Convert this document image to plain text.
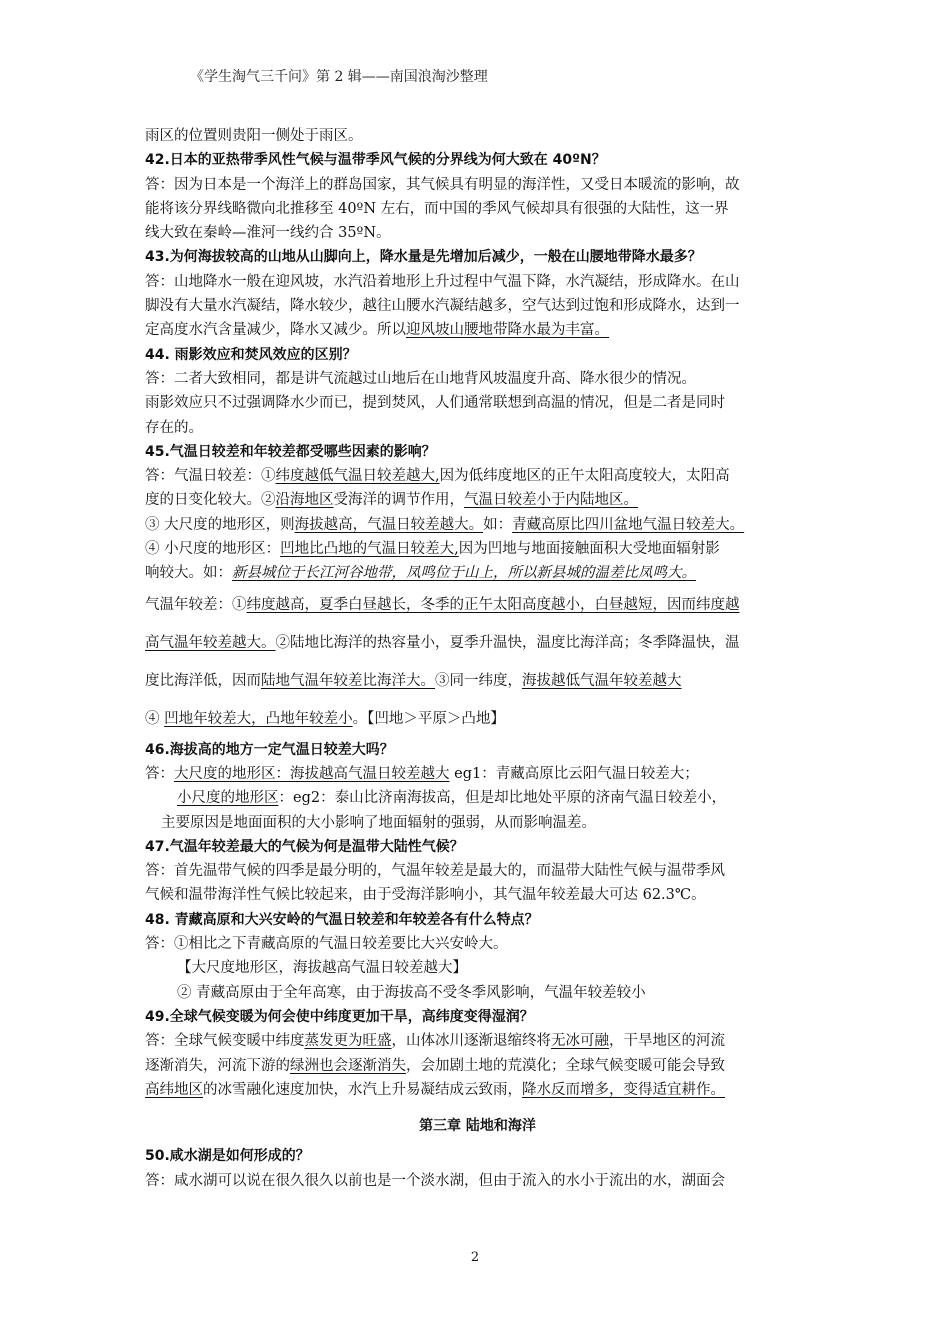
《学生淘气三千问》第 2 辑——南国浪淘沙整理
雨区的位置则贵阳一侧处于雨区。
42.日本的亚热带季风性气候与温带季风气候的分界线为何大致在 40ºN？
答：因为日本是一个海洋上的群岛国家，其气候具有明显的海洋性，又受日本暖流的影响，故
能将该分界线略微向北推移至 40ºN 左右，而中国的季风气候却具有很强的大陆性，这一界
线大致在秦岭—淮河一线约合 35ºN。
43.为何海拔较高的山地从山脚向上，降水量是先增加后减少，一般在山腰地带降水最多？
答：山地降水一般在迎风坡，水汽沿着地形上升过程中气温下降，水汽凝结，形成降水。在山
脚没有大量水汽凝结，降水较少，越往山腰水汽凝结越多，空气达到过饱和形成降水，达到一
定高度水汽含量减少，降水又减少。所以迎风坡山腰地带降水最为丰富。
44. 雨影效应和焚风效应的区别？
答：二者大致相同，都是讲气流越过山地后在山地背风坡温度升高、降水很少的情况。
雨影效应只不过强调降水少而已，提到焚风，人们通常联想到高温的情况，但是二者是同时
存在的。
45.气温日较差和年较差都受哪些因素的影响？
答：气温日较差：①纬度越低气温日较差越大,因为低纬度地区的正午太阳高度较大，太阳高
度的日变化较大。②沿海地区受海洋的调节作用，气温日较差小于内陆地区。
③ 大尺度的地形区，则海拔越高，气温日较差越大。如：青藏高原比四川盆地气温日较差大。
④ 小尺度的地形区：凹地比凸地的气温日较差大,因为凹地与地面接触面积大受地面辐射影
响较大。如：新县城位于长江河谷地带，凤鸣位于山上，所以新县城的温差比凤鸣大。
气温年较差：①纬度越高，夏季白昼越长，冬季的正午太阳高度越小，白昼越短，因而纬度越
高气温年较差越大。②陆地比海洋的热容量小，夏季升温快，温度比海洋高；冬季降温快，温
度比海洋低，因而陆地气温年较差比海洋大。③同一纬度，海拔越低气温年较差越大
④ 凹地年较差大，凸地年较差小。【凹地＞平原＞凸地】
46.海拔高的地方一定气温日较差大吗？
答：大尺度的地形区：海拔越高气温日较差越大 eg1：青藏高原比云阳气温日较差大；
小尺度的地形区：eg2：泰山比济南海拔高，但是却比地处平原的济南气温日较差小，
主要原因是地面面积的大小影响了地面辐射的强弱，从而影响温差。
47.气温年较差最大的气候为何是温带大陆性气候？
答：首先温带气候的四季是最分明的，气温年较差是最大的，而温带大陆性气候与温带季风
气候和温带海洋性气候比较起来，由于受海洋影响小，其气温年较差最大可达 62.3℃。
48. 青藏高原和大兴安岭的气温日较差和年较差各有什么特点？
答：①相比之下青藏高原的气温日较差要比大兴安岭大。
【大尺度地形区，海拔越高气温日较差越大】
② 青藏高原由于全年高寒，由于海拔高不受冬季风影响，气温年较差较小
49.全球气候变暖为何会使中纬度更加干旱，高纬度变得湿润？
答：全球气候变暖中纬度蒸发更为旺盛，山体冰川逐渐退缩终将无冰可融，干旱地区的河流
逐渐消失，河流下游的绿洲也会逐渐消失，会加剧土地的荒漠化；全球气候变暖可能会导致
高纬地区的冰雪融化速度加快，水汽上升易凝结成云致雨，降水反而增多，变得适宜耕作。
第三章 陆地和海洋
50.咸水湖是如何形成的？
答：咸水湖可以说在很久很久以前也是一个淡水湖，但由于流入的水小于流出的水，湖面会
2
